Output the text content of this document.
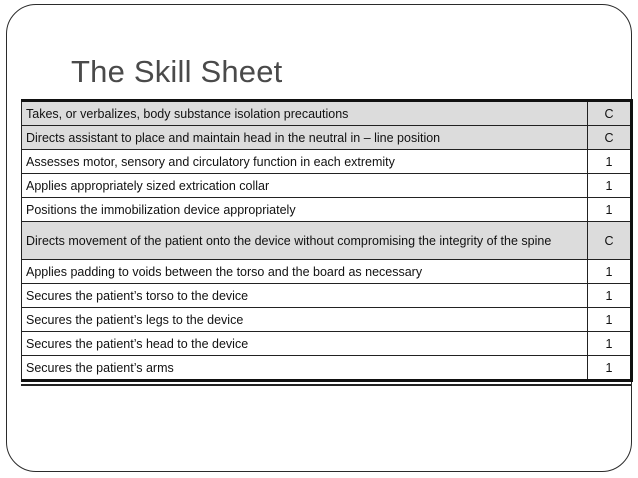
The Skill Sheet
Takes, or verbalizes, body substance isolation precautions	C
Directs assistant to place and maintain head in the neutral in – line position	C
Assesses motor, sensory and circulatory function in each extremity	1
Applies appropriately sized extrication collar	1
Positions the immobilization device appropriately	1
Directs movement of the patient onto the device without compromising the integrity of the spine	C
Applies padding to voids between the torso and the board as necessary	1
Secures the patient’s torso to the device	1
Secures the patient’s legs to the device	1
Secures the patient’s head to the device	1
Secures the patient’s arms	1
